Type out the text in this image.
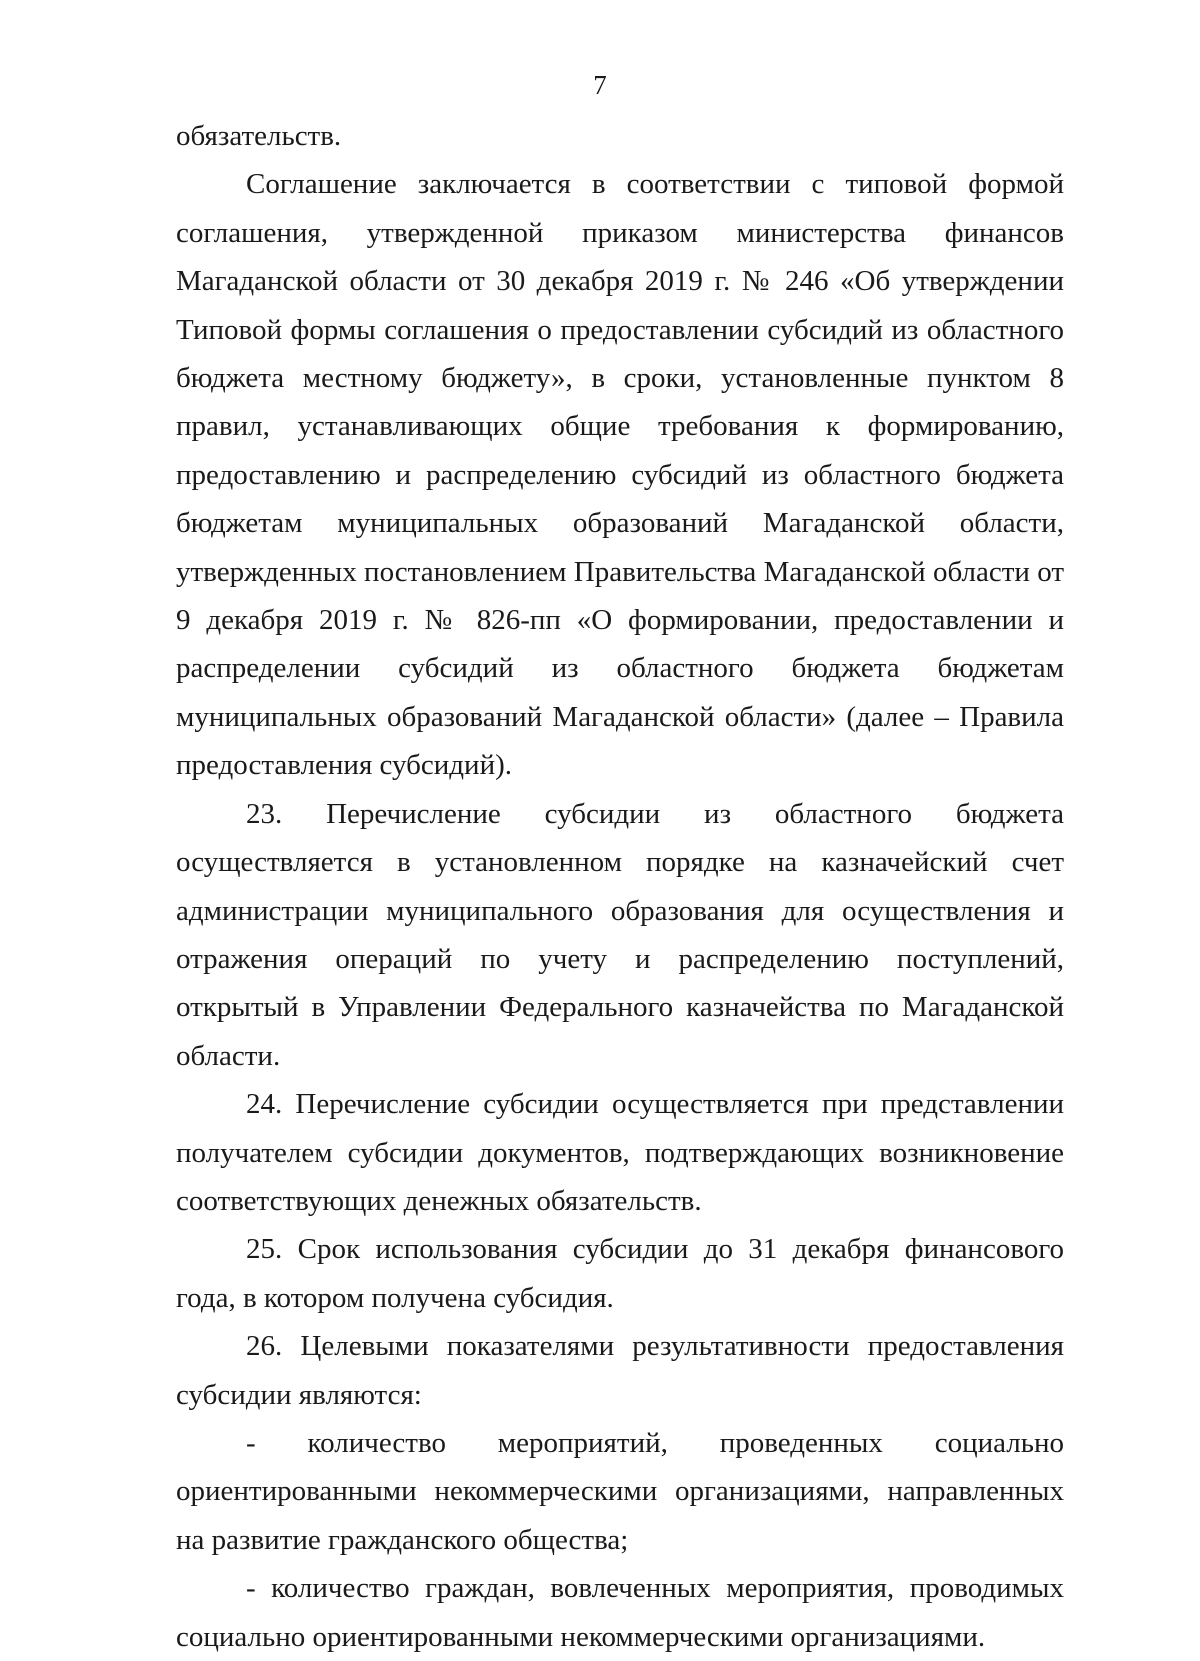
7

обязательств.

Соглашение заключается в соответствии с типовой формой соглашения, утвержденной приказом министерства финансов Магаданской области от 30 декабря 2019 г. № 246 «Об утверждении Типовой формы соглашения о предоставлении субсидий из областного бюджета местному бюджету», в сроки, установленные пунктом 8 правил, устанавливающих общие требования к формированию, предоставлению и распределению субсидий из областного бюджета бюджетам муниципальных образований Магаданской области, утвержденных постановлением Правительства Магаданской области от 9 декабря 2019 г. № 826-пп «О формировании, предоставлении и распределении субсидий из областного бюджета бюджетам муниципальных образований Магаданской области» (далее – Правила предоставления субсидий).

23. Перечисление субсидии из областного бюджета осуществляется в установленном порядке на казначейский счет администрации муниципального образования для осуществления и отражения операций по учету и распределению поступлений, открытый в Управлении Федерального казначейства по Магаданской области.

24. Перечисление субсидии осуществляется при представлении получателем субсидии документов, подтверждающих возникновение соответствующих денежных обязательств.

25. Срок использования субсидии до 31 декабря финансового года, в котором получена субсидия.

26. Целевыми показателями результативности предоставления субсидии являются:

- количество мероприятий, проведенных социально ориентированными некоммерческими организациями, направленных на развитие гражданского общества;

- количество граждан, вовлеченных мероприятия, проводимых социально ориентированными некоммерческими организациями.
